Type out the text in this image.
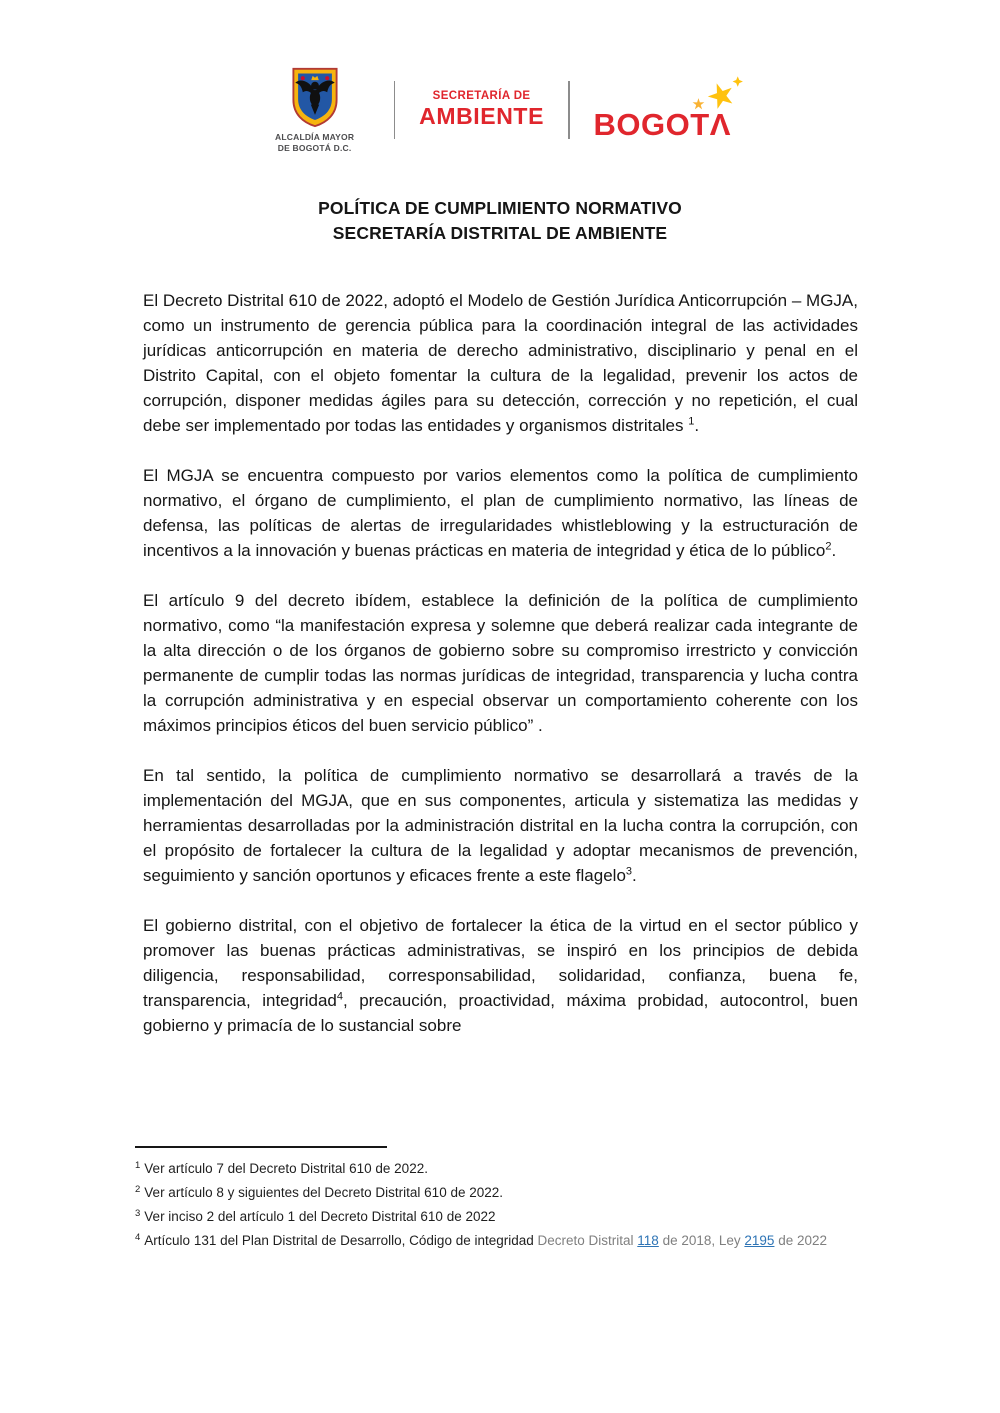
ALCALDÍA MAYOR
DE BOGOTÁ D.C.
SECRETARÍA DE
AMBIENTE BOGOTΛ
POLÍTICA DE CUMPLIMIENTO NORMATIVO
SECRETARÍA DISTRITAL DE AMBIENTE

El Decreto Distrital 610 de 2022, adoptó el Modelo de Gestión Jurídica Anticorrupción – MGJA, como un instrumento de gerencia pública para la coordinación integral de las actividades jurídicas anticorrupción en materia de derecho administrativo, disciplinario y penal en el Distrito Capital, con el objeto fomentar la cultura de la legalidad, prevenir los actos de corrupción, disponer medidas ágiles para su detección, corrección y no repetición, el cual debe ser implementado por todas las entidades y organismos distritales $^1$.

El MGJA se encuentra compuesto por varios elementos como la política de cumplimiento normativo, el órgano de cumplimiento, el plan de cumplimiento normativo, las líneas de defensa, las políticas de alertas de irregularidades whistleblowing y la estructuración de incentivos a la innovación y buenas prácticas en materia de integridad y ética de lo público$^2$.

El artículo 9 del decreto ibídem, establece la definición de la política de cumplimiento normativo, como “la manifestación expresa y solemne que deberá realizar cada integrante de la alta dirección o de los órganos de gobierno sobre su compromiso irrestricto y convicción permanente de cumplir todas las normas jurídicas de integridad, transparencia y lucha contra la corrupción administrativa y en especial observar un comportamiento coherente con los máximos principios éticos del buen servicio público” .

En tal sentido, la política de cumplimiento normativo se desarrollará a través de la implementación del MGJA, que en sus componentes, articula y sistematiza las medidas y herramientas desarrolladas por la administración distrital en la lucha contra la corrupción, con el propósito de fortalecer la cultura de la legalidad y adoptar mecanismos de prevención, seguimiento y sanción oportunos y eficaces frente a este flagelo$^3$.

El gobierno distrital, con el objetivo de fortalecer la ética de la virtud en el sector público y promover las buenas prácticas administrativas, se inspiró en los principios de debida diligencia, responsabilidad, corresponsabilidad, solidaridad, confianza, buena fe, transparencia, integridad$^4$, precaución, proactividad, máxima probidad, autocontrol, buen gobierno y primacía de lo sustancial sobre

$^1$ Ver artículo 7 del Decreto Distrital 610 de 2022.
$^2$ Ver artículo 8 y siguientes del Decreto Distrital 610 de 2022.
$^3$ Ver inciso 2 del artículo 1 del Decreto Distrital 610 de 2022
$^4$ Artículo 131 del Plan Distrital de Desarrollo, Código de integridad Decreto Distrital 118 de 2018, Ley 2195 de 2022
